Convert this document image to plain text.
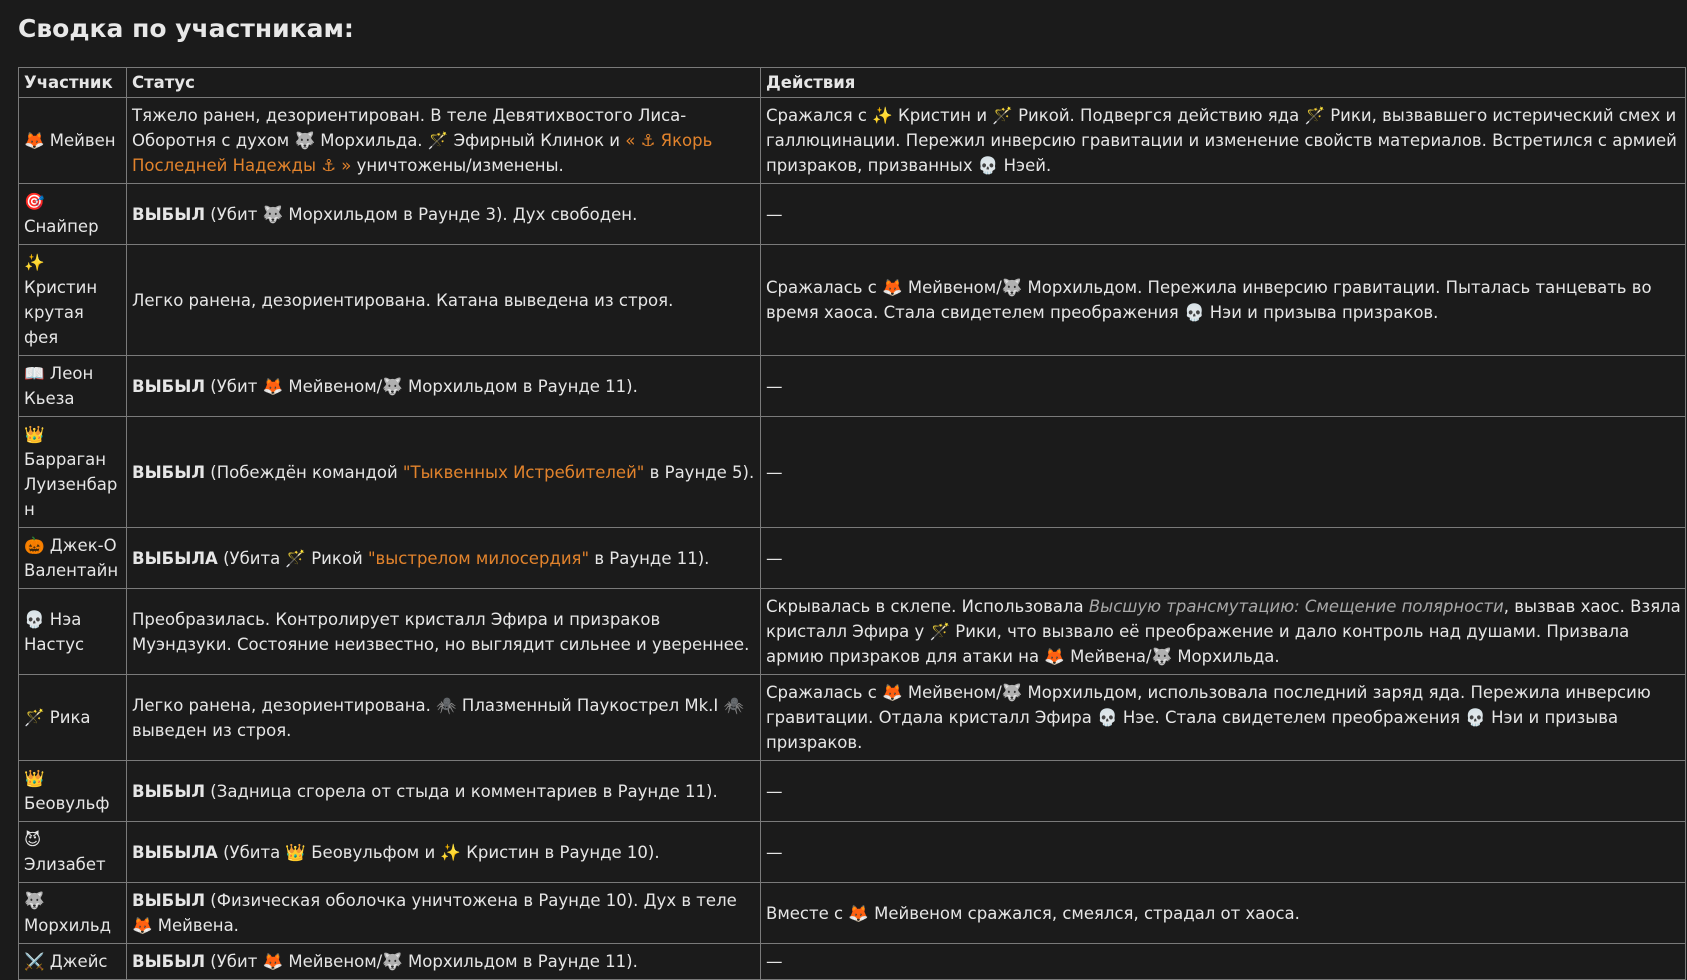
Сводка по участникам:
Участник	Статус	Действия
🦊 Мейвен	Тяжело ранен, дезориентирован. В теле Девятихвостого Лиса-Оборотня с духом 🐺 Морхильда. 🪄 Эфирный Клинок и « ⚓ Якорь Последней Надежды ⚓ » уничтожены/изменены.	Сражался с ✨ Кристин и 🪄 Рикой. Подвергся действию яда 🪄 Рики, вызвавшего истерический смех и галлюцинации. Пережил инверсию гравитации и изменение свойств материалов. Встретился с армией призраков, призванных 💀 Нэей.
🎯 Снайпер	ВЫБЫЛ (Убит 🐺 Морхильдом в Раунде 3). Дух свободен.	—
✨ Кристин крутая фея	Легко ранена, дезориентирована. Катана выведена из строя.	Сражалась с 🦊 Мейвеном/🐺 Морхильдом. Пережила инверсию гравитации. Пыталась танцевать во время хаоса. Стала свидетелем преображения 💀 Нэи и призыва призраков.
📖 Леон Кьеза	ВЫБЫЛ (Убит 🦊 Мейвеном/🐺 Морхильдом в Раунде 11).	—
👑 Барраган Луизенбарн	ВЫБЫЛ (Побеждён командой "Тыквенных Истребителей" в Раунде 5).	—
🎃 Джек-О Валентайн	ВЫБЫЛА (Убита 🪄 Рикой "выстрелом милосердия" в Раунде 11).	—
💀 Нэа Настус	Преобразилась. Контролирует кристалл Эфира и призраков Муэндзуки. Состояние неизвестно, но выглядит сильнее и увереннее.	Скрывалась в склепе. Использовала Высшую трансмутацию: Смещение полярности, вызвав хаос. Взяла кристалл Эфира у 🪄 Рики, что вызвало её преображение и дало контроль над душами. Призвала армию призраков для атаки на 🦊 Мейвена/🐺 Морхильда.
🪄 Рика	Легко ранена, дезориентирована. 🕷️ Плазменный Паукострел Mk.I 🕷️ выведен из строя.	Сражалась с 🦊 Мейвеном/🐺 Морхильдом, использовала последний заряд яда. Пережила инверсию гравитации. Отдала кристалл Эфира 💀 Нэе. Стала свидетелем преображения 💀 Нэи и призыва призраков.
👑 Беовульф	ВЫБЫЛ (Задница сгорела от стыда и комментариев в Раунде 11).	—
😈 Элизабет	ВЫБЫЛА (Убита 👑 Беовульфом и ✨ Кристин в Раунде 10).	—
🐺 Морхильд	ВЫБЫЛ (Физическая оболочка уничтожена в Раунде 10). Дух в теле 🦊 Мейвена.	Вместе с 🦊 Мейвеном сражался, смеялся, страдал от хаоса.
⚔️ Джейс	ВЫБЫЛ (Убит 🦊 Мейвеном/🐺 Морхильдом в Раунде 11).	—
